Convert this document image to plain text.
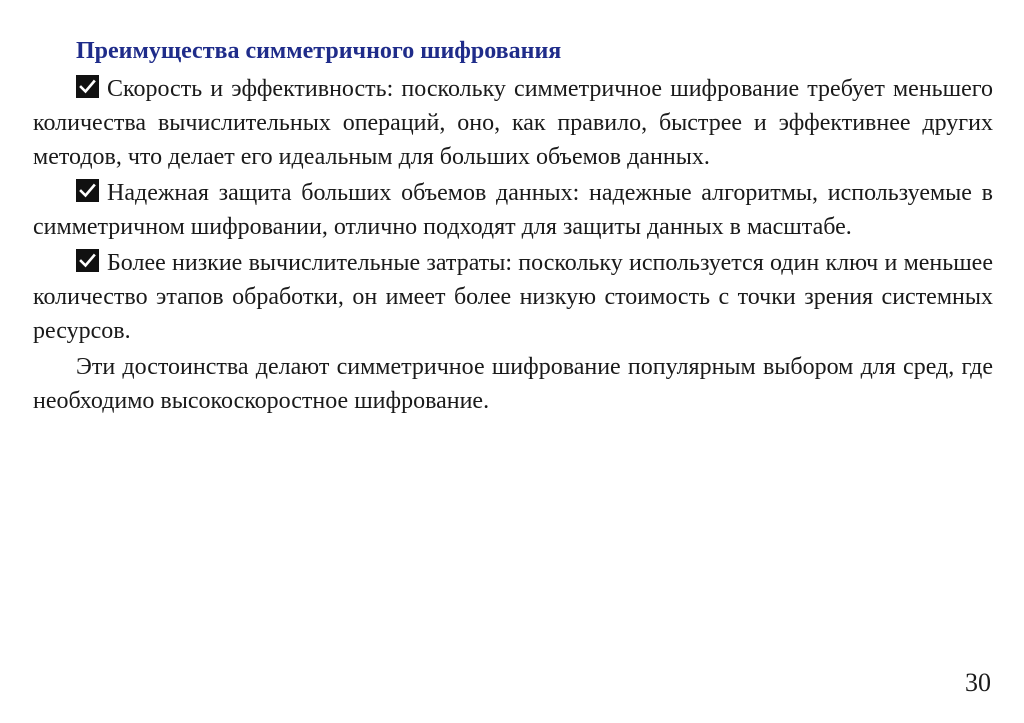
Преимущества симметричного шифрования

Скорость и эффективность: поскольку симметричное шифрование требует меньшего количества вычислительных операций, оно, как правило, быстрее и эффективнее других методов, что делает его идеальным для больших объемов данных.

Надежная защита больших объемов данных: надежные алгоритмы, используемые в симметричном шифровании, отлично подходят для защиты данных в масштабе.

Более низкие вычислительные затраты: поскольку используется один ключ и меньшее количество этапов обработки, он имеет более низкую стоимость с точки зрения системных ресурсов.

Эти достоинства делают симметричное шифрование популярным выбором для сред, где необходимо высокоскоростное шифрование.

30
